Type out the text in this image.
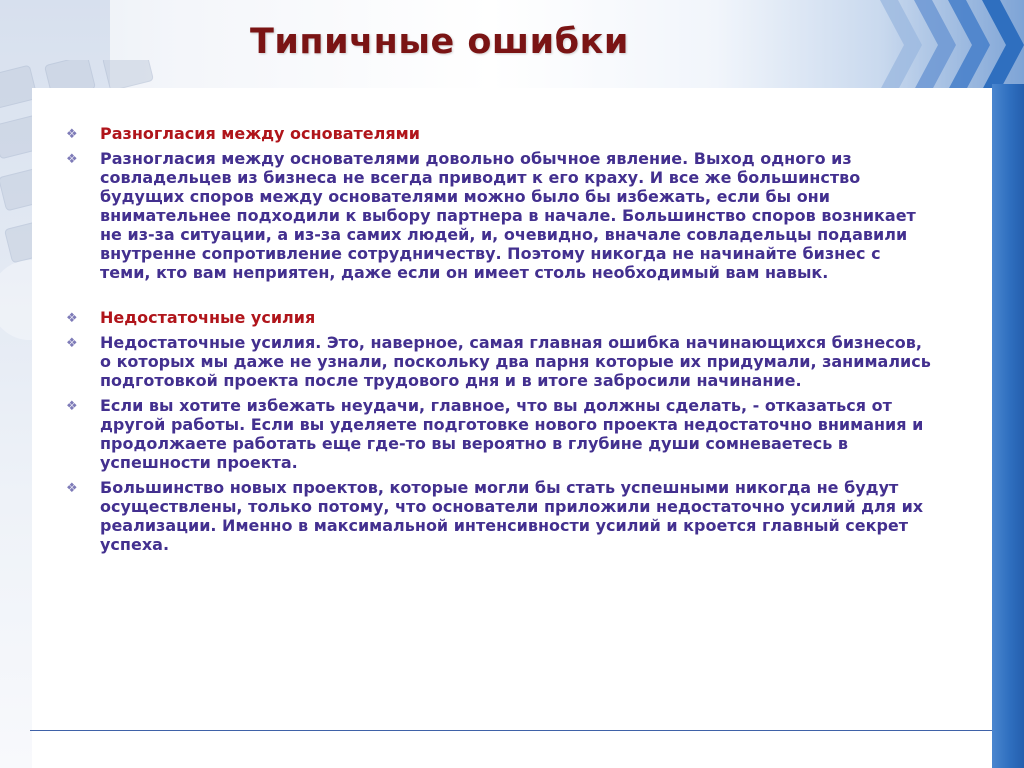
Типичные ошибки
❖ Разногласия между основателями
❖ Разногласия между основателями довольно обычное явление. Выход одного из совладельцев из бизнеса не всегда приводит к его краху. И все же большинство будущих споров между основателями можно было бы избежать, если бы они внимательнее подходили к выбору партнера в начале. Большинство споров возникает не из-за ситуации, а из-за самих людей, и, очевидно, вначале совладельцы подавили внутренне сопротивление сотрудничеству. Поэтому никогда не начинайте бизнес с теми, кто вам неприятен, даже если он имеет столь необходимый вам навык.
❖ Недостаточные усилия
❖ Недостаточные усилия. Это, наверное, самая главная ошибка начинающихся бизнесов, о которых мы даже не узнали, поскольку два парня которые их придумали, занимались подготовкой проекта после трудового дня и в итоге забросили начинание.
❖ Если вы хотите избежать неудачи, главное, что вы должны сделать, - отказаться от другой работы. Если вы уделяете подготовке нового проекта недостаточно внимания и продолжаете работать еще где-то вы вероятно в глубине души сомневаетесь в успешности проекта.
❖ Большинство новых проектов, которые могли бы стать успешными никогда не будут осуществлены, только потому, что основатели приложили недостаточно усилий для их реализации. Именно в максимальной интенсивности усилий и кроется главный секрет успеха.
